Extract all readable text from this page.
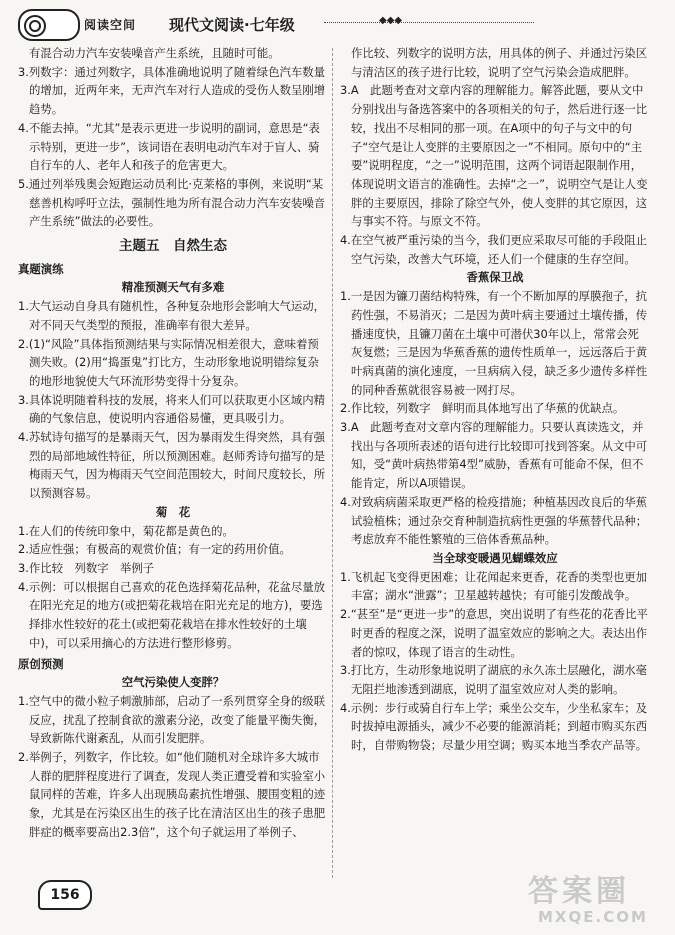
阅读空间 现代文阅读·七年级	◆◆◆

有混合动力汽车安装噪音产生系统，且随时可能。

3.列数字：通过列数字，具体准确地说明了随着绿色汽车数量的增加，近两年来，无声汽车对行人造成的受伤人数呈刚增趋势。

4.不能去掉。“尤其”是表示更进一步说明的副词，意思是“表示特别，更进一步”，该词语在表明电动汽车对于盲人、骑自行车的人、老年人和孩子的危害更大。

5.通过列举残奥会短跑运动员利比·克莱格的事例，来说明“某慈善机构呼吁立法，强制性地为所有混合动力汽车安装噪音产生系统”做法的必要性。

主题五　自然生态

真题演练

精准预测天气有多难

1.大气运动自身具有随机性，各种复杂地形会影响大气运动，对不同天气类型的预报，准确率有很大差异。

2.(1)“风险”具体指预测结果与实际情况相差很大，意味着预测失败。(2)用“捣蛋鬼”打比方，生动形象地说明错综复杂的地形地貌使大气环流形势变得十分复杂。

3.具体说明随着科技的发展，将来人们可以获取更小区域内精确的气象信息，使说明内容通俗易懂，更具吸引力。

4.苏轼诗句描写的是暴雨天气，因为暴雨发生得突然，具有强烈的局部地域性特征，所以预测困难。赵师秀诗句描写的是梅雨天气，因为梅雨天气空间范围较大，时间尺度较长，所以预测容易。

菊　花

1.在人们的传统印象中，菊花都是黄色的。

2.适应性强；有极高的观赏价值；有一定的药用价值。

3.作比较　列数字　举例子

4.示例：可以根据自己喜欢的花色选择菊花品种，花盆尽量放在阳光充足的地方(或把菊花栽培在阳光充足的地方)，要选择排水性较好的花土(或把菊花栽培在排水性较好的土壤中)，可以采用摘心的方法进行整形修剪。

原创预测

空气污染使人变胖？

1.空气中的微小粒子刺激肺部，启动了一系列贯穿全身的级联反应，扰乱了控制食欲的激素分泌，改变了能量平衡失衡，导致新陈代谢紊乱，从而引发肥胖。

2.举例子，列数字，作比较。如“他们随机对全球许多大城市人群的肥胖程度进行了调查，发现人类正遭受着和实验室小鼠同样的苦难，许多人出现胰岛素抗性增强、腰围变粗的迹象，尤其是在污染区出生的孩子比在清洁区出生的孩子患肥胖症的概率要高出2.3倍”，这个句子就运用了举例子、

作比较、列数字的说明方法，用具体的例子、并通过污染区与清洁区的孩子进行比较，说明了空气污染会造成肥胖。

3.A　此题考查对文章内容的理解能力。解答此题，要从文中分别找出与备选答案中的各项相关的句子，然后进行逐一比较，找出不尽相同的那一项。在A项中的句子与文中的句子“空气是让人变胖的主要原因之一”不相同。原句中的“主要”说明程度，“之一”说明范围，这两个词语起限制作用，体现说明文语言的准确性。去掉“之一”，说明空气是让人变胖的主要原因，排除了除空气外，使人变胖的其它原因，这与事实不符。与原文不符。

4.在空气被严重污染的当今，我们更应采取尽可能的手段阻止空气污染，改善大气环境，还人们一个健康的生存空间。

香蕉保卫战

1.一是因为镰刀菌结构特殊，有一个不断加厚的厚膜孢子，抗药性强，不易消灭；二是因为黄叶病主要通过土壤传播，传播速度快，且镰刀菌在土壤中可潜伏30年以上，常常会死灰复燃；三是因为华蕉香蕉的遗传性质单一，远远落后于黄叶病真菌的演化速度，一旦病病入侵，缺乏多少遗传多样性的同种香蕉就很容易被一网打尽。

2.作比较，列数字　鲜明而具体地写出了华蕉的优缺点。

3.A　此题考查对文章内容的理解能力。只要认真读选文，并找出与各项所表述的语句进行比较即可找到答案。从文中可知，受“黄叶病热带第4型”威胁，香蕉有可能命不保，但不能肯定，所以A项错误。

4.对致病病菌采取更严格的检疫措施；种植基因改良后的华蕉试验植株；通过杂交育种制造抗病性更强的华蕉替代品种；考虑放弃不能性繁殖的三倍体香蕉品种。

当全球变暖遇见蝴蝶效应

1.飞机起飞变得更困难；让花闻起来更香，花香的类型也更加丰富；湖水“泄露”；卫星越转越快；有可能引发酸战争。

2.“甚至”是“更进一步”的意思，突出说明了有些花的花香比平时更香的程度之深，说明了温室效应的影响之大。表达出作者的惊叹，体现了语言的生动性。

3.打比方，生动形象地说明了湖底的永久冻土层融化，湖水毫无阻拦地渗透到湖底，说明了温室效应对人类的影响。

4.示例：步行或骑自行车上学；乘坐公交车，少坐私家车；及时拔掉电源插头，减少不必要的能源消耗；到超市购买东西时，自带购物袋；尽量少用空调；购买本地当季农产品等。

156	答案圈
MXQE.COM
